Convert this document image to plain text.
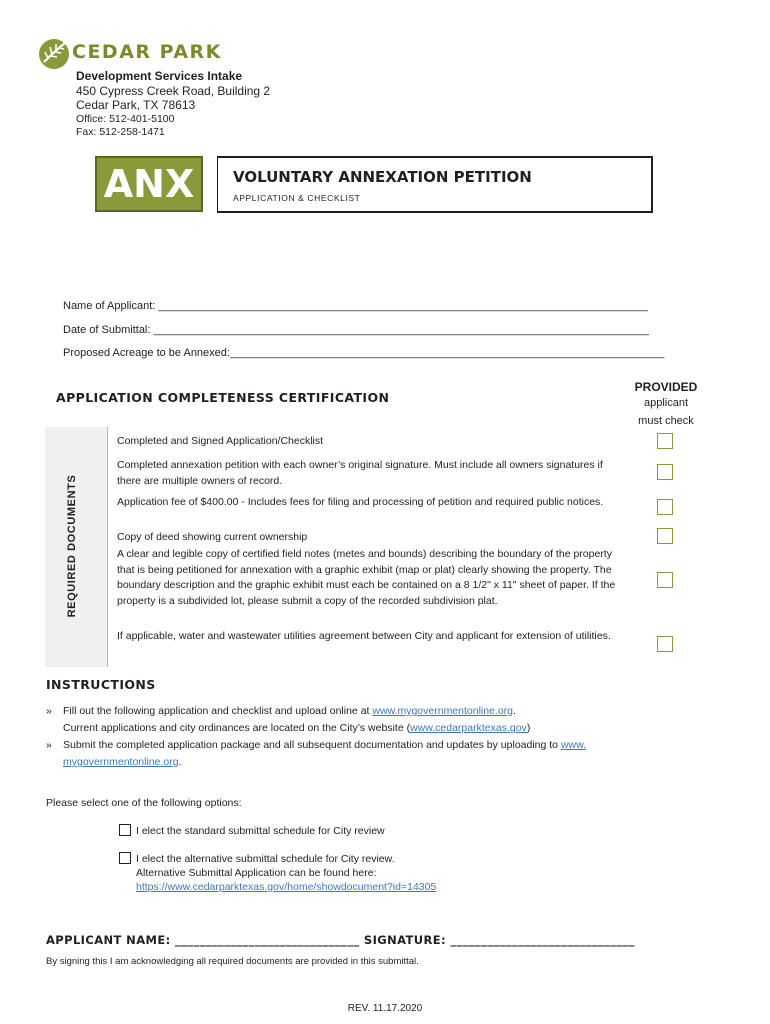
CEDAR PARK
Development Services Intake
450 Cypress Creek Road, Building 2
Cedar Park, TX 78613
Office: 512-401-5100
Fax: 512-258-1471
ANX	VOLUNTARY ANNEXATION PETITION
APPLICATION & CHECKLIST
Name of Applicant: ________________________________________________________________________________
Date of Submittal: _________________________________________________________________________________
Proposed Acreage to be Annexed:_______________________________________________________________________
APPLICATION COMPLETENESS CERTIFICATION
PROVIDED
applicant
must check
REQUIRED DOCUMENTS
Completed and Signed Application/Checklist
Completed annexation petition with each owner’s original signature. Must include all owners signatures if there are multiple owners of record.
Application fee of $400.00 - Includes fees for filing and processing of petition and required public notices.
Copy of deed showing current ownership
A clear and legible copy of certified field notes (metes and bounds) describing the boundary of the property that is being petitioned for annexation with a graphic exhibit (map or plat) clearly showing the property. The boundary description and the graphic exhibit must each be contained on a 8 1/2" x 11" sheet of paper. If the property is a subdivided lot, please submit a copy of the recorded subdivision plat.
If applicable, water and wastewater utilities agreement between City and applicant for extension of utilities.
INSTRUCTIONS
» Fill out the following application and checklist and upload online at www.mygovernmentonline.org.
Current applications and city ordinances are located on the City’s website (www.cedarparktexas.gov)
» Submit the completed application package and all subsequent documentation and updates by uploading to www.
mygovernmentonline.org.
Please select one of the following options:
I elect the standard submittal schedule for City review
I elect the alternative submittal schedule for City review.
Alternative Submittal Application can be found here:
https://www.cedarparktexas.gov/home/showdocument?id=14305
APPLICANT NAME: ______________________________ SIGNATURE: ______________________________
By signing this I am acknowledging all required documents are provided in this submittal.
REV. 11.17.2020
